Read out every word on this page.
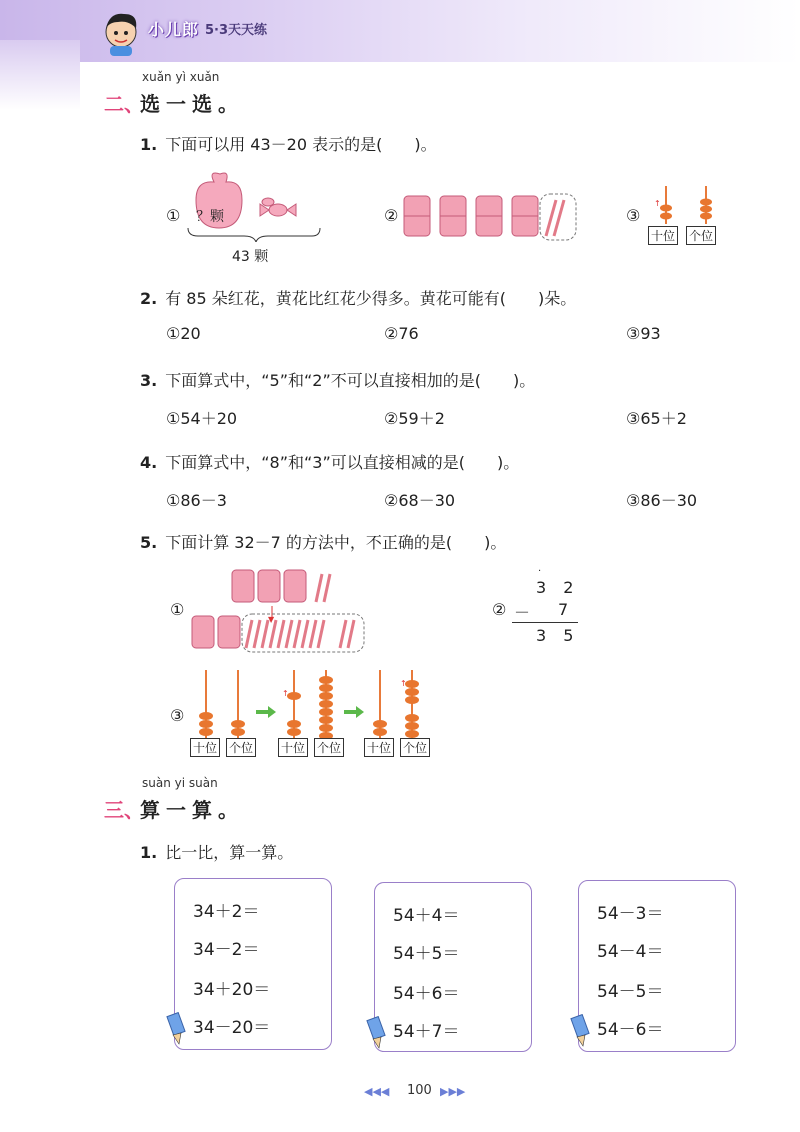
小儿郎 5·3天天练
xuǎn yì xuǎn
二、
选一选。
1. 下面可以用 43－20 表示的是(　　)。
① ？颗
43 颗
②	③
↑
十位 个位
2. 有 85 朵红花，黄花比红花少得多。黄花可能有(　　)朵。
①20	②76	③93
3. 下面算式中，“5”和“2”不可以直接相加的是(　　)。
①54＋20	②59＋2	③65＋2
4. 下面算式中，“8”和“3”可以直接相减的是(　　)。
①86－3	②68－30	③86－30
5. 下面计算 32－7 的方法中，不正确的是(　　)。
①
▼
②
·
3 2
－ 7
3 5
③
↑
↑
十位 个位 十位 个位 十位 个位
suàn yi suàn
三、
算一算。
1. 比一比，算一算。
34＋2＝
34－2＝
34＋20＝
34－20＝
54＋4＝
54＋5＝
54＋6＝
54＋7＝
54－3＝
54－4＝
54－5＝
54－6＝
◀◀◀ 100 ▶▶▶
